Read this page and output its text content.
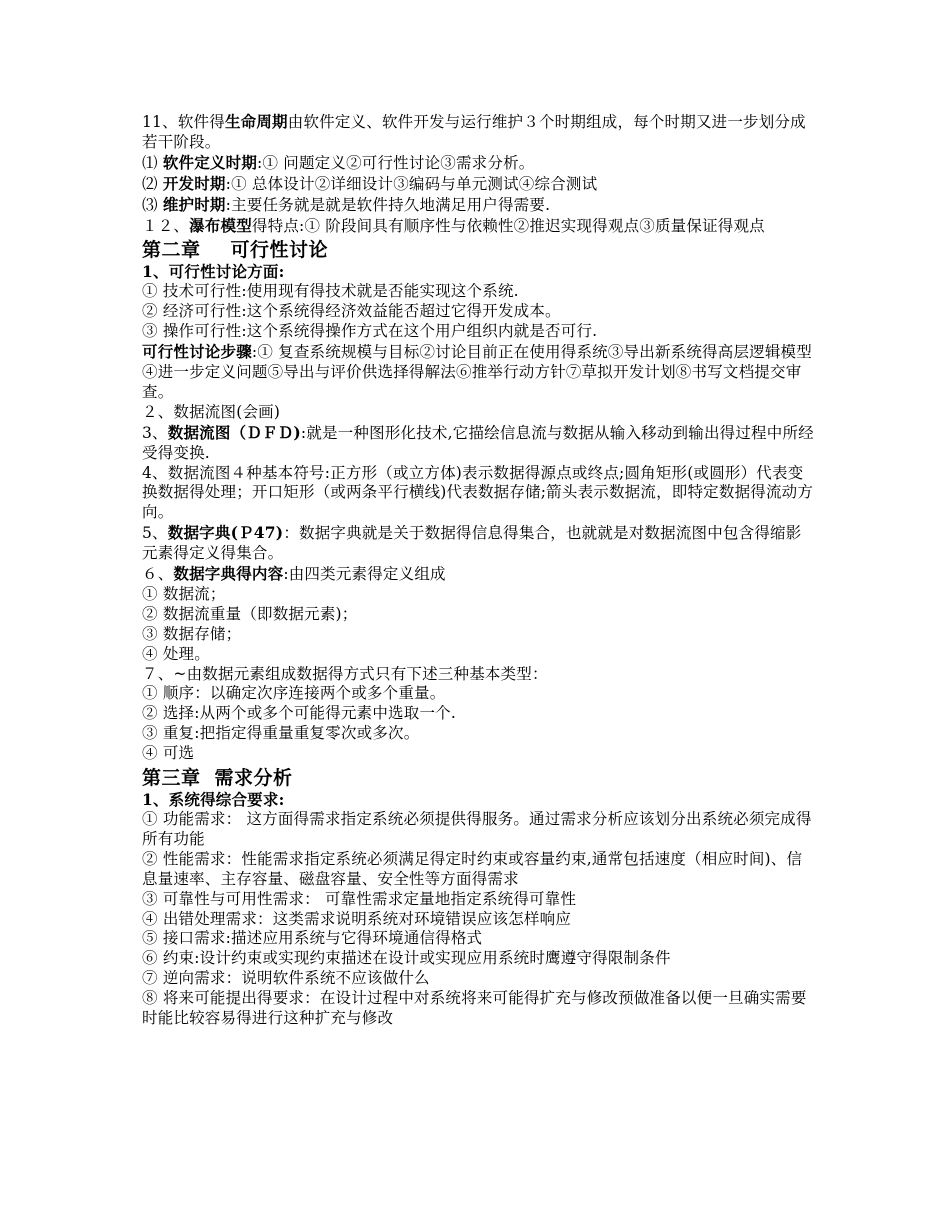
11、软件得生命周期由软件定义、软件开发与运行维护３个时期组成，每个时期又进一步划分成若干阶段。

⑴ 软件定义时期:① 问题定义②可行性讨论③需求分析。

⑵ 开发时期:① 总体设计②详细设计③编码与单元测试④综合测试

⑶ 维护时期:主要任务就是就是软件持久地满足用户得需要.

１２、瀑布模型得特点:① 阶段间具有顺序性与依赖性②推迟实现得观点③质量保证得观点

第二章 可行性讨论

1、可行性讨论方面:

① 技术可行性:使用现有得技术就是否能实现这个系统.

② 经济可行性:这个系统得经济效益能否超过它得开发成本。

③ 操作可行性:这个系统得操作方式在这个用户组织内就是否可行.

可行性讨论步骤:① 复查系统规模与目标②讨论目前正在使用得系统③导出新系统得高层逻辑模型④进一步定义问题⑤导出与评价供选择得解法⑥推举行动方针⑦草拟开发计划⑧书写文档提交审查。

２、数据流图(会画)

3、数据流图（ＤＦＤ):就是一种图形化技术,它描绘信息流与数据从输入移动到输出得过程中所经受得变换.

4、数据流图４种基本符号:正方形（或立方体)表示数据得源点或终点;圆角矩形(或圆形）代表变换数据得处理；开口矩形（或两条平行横线)代表数据存储;箭头表示数据流，即特定数据得流动方向。

5、数据字典(Ｐ47)：数据字典就是关于数据得信息得集合，也就就是对数据流图中包含得缩影元素得定义得集合。

６、数据字典得内容:由四类元素得定义组成

① 数据流；

② 数据流重量（即数据元素)；

③ 数据存储；

④ 处理。

７、~由数据元素组成数据得方式只有下述三种基本类型：

① 顺序：以确定次序连接两个或多个重量。

② 选择:从两个或多个可能得元素中选取一个.

③ 重复:把指定得重量重复零次或多次。

④ 可选

第三章 需求分析

1、系统得综合要求:

① 功能需求： 这方面得需求指定系统必须提供得服务。通过需求分析应该划分出系统必须完成得所有功能

② 性能需求：性能需求指定系统必须满足得定时约束或容量约束,通常包括速度（相应时间)、信息量速率、主存容量、磁盘容量、安全性等方面得需求

③ 可靠性与可用性需求： 可靠性需求定量地指定系统得可靠性

④ 出错处理需求：这类需求说明系统对环境错误应该怎样响应

⑤ 接口需求:描述应用系统与它得环境通信得格式

⑥ 约束:设计约束或实现约束描述在设计或实现应用系统时鹰遵守得限制条件

⑦ 逆向需求：说明软件系统不应该做什么

⑧ 将来可能提出得要求：在设计过程中对系统将来可能得扩充与修改预做准备以便一旦确实需要时能比较容易得进行这种扩充与修改
